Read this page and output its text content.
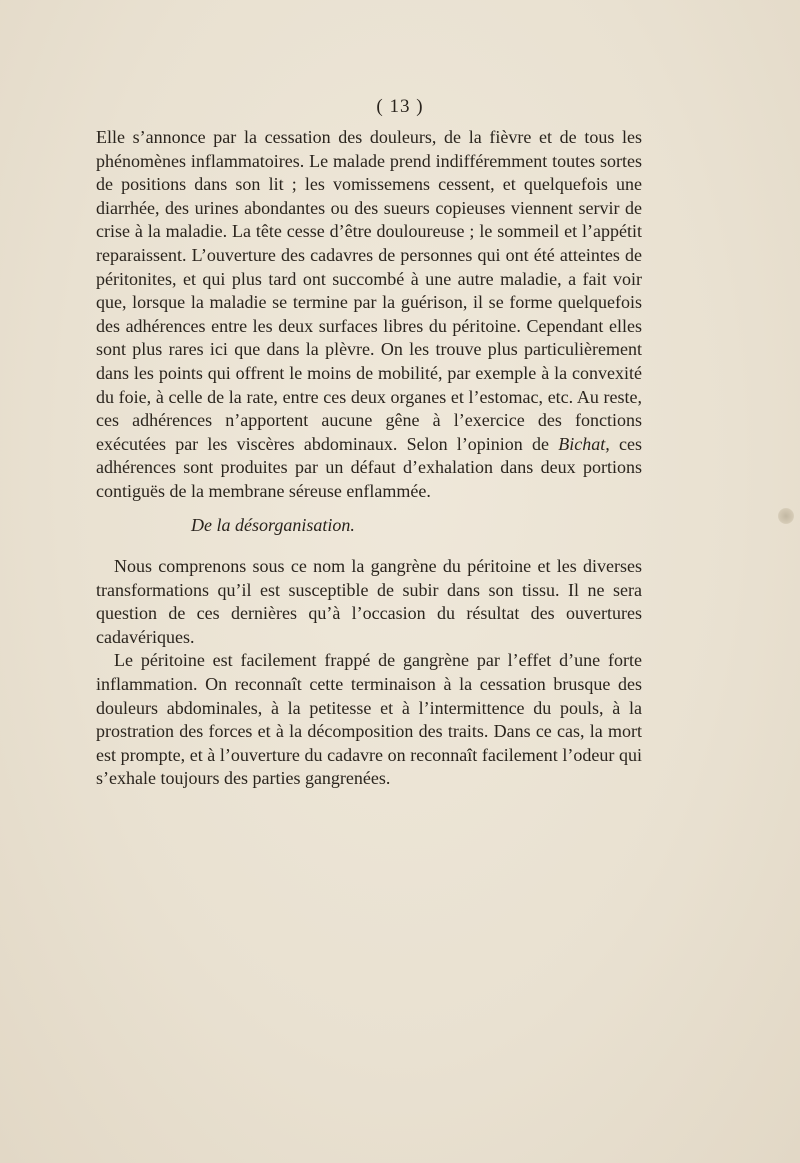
( 13 )

Elle s’annonce par la cessation des douleurs, de la fièvre et de tous les phénomènes inflammatoires. Le malade prend indifféremment toutes sortes de positions dans son lit ; les vomissemens cessent, et quelquefois une diarrhée, des urines abondantes ou des sueurs copieuses viennent servir de crise à la maladie. La tête cesse d’être douloureuse ; le sommeil et l’appétit reparaissent. L’ouverture des cadavres de personnes qui ont été atteintes de péritonites, et qui plus tard ont succombé à une autre maladie, a fait voir que, lorsque la maladie se termine par la guérison, il se forme quelquefois des adhérences entre les deux surfaces libres du péritoine. Cependant elles sont plus rares ici que dans la plèvre. On les trouve plus particulièrement dans les points qui offrent le moins de mobilité, par exemple à la convexité du foie, à celle de la rate, entre ces deux organes et l’estomac, etc. Au reste, ces adhérences n’apportent aucune gêne à l’exercice des fonctions exécutées par les viscères abdominaux. Selon l’opinion de Bichat, ces adhérences sont produites par un défaut d’exhalation dans deux portions contiguës de la membrane séreuse enflammée.

De la désorganisation.

Nous comprenons sous ce nom la gangrène du péritoine et les diverses transformations qu’il est susceptible de subir dans son tissu. Il ne sera question de ces dernières qu’à l’occasion du résultat des ouvertures cadavériques.

Le péritoine est facilement frappé de gangrène par l’effet d’une forte inflammation. On reconnaît cette terminaison à la cessation brusque des douleurs abdominales, à la petitesse et à l’intermittence du pouls, à la prostration des forces et à la décomposition des traits. Dans ce cas, la mort est prompte, et à l’ouverture du cadavre on reconnaît facilement l’odeur qui s’exhale toujours des parties gangrenées.
